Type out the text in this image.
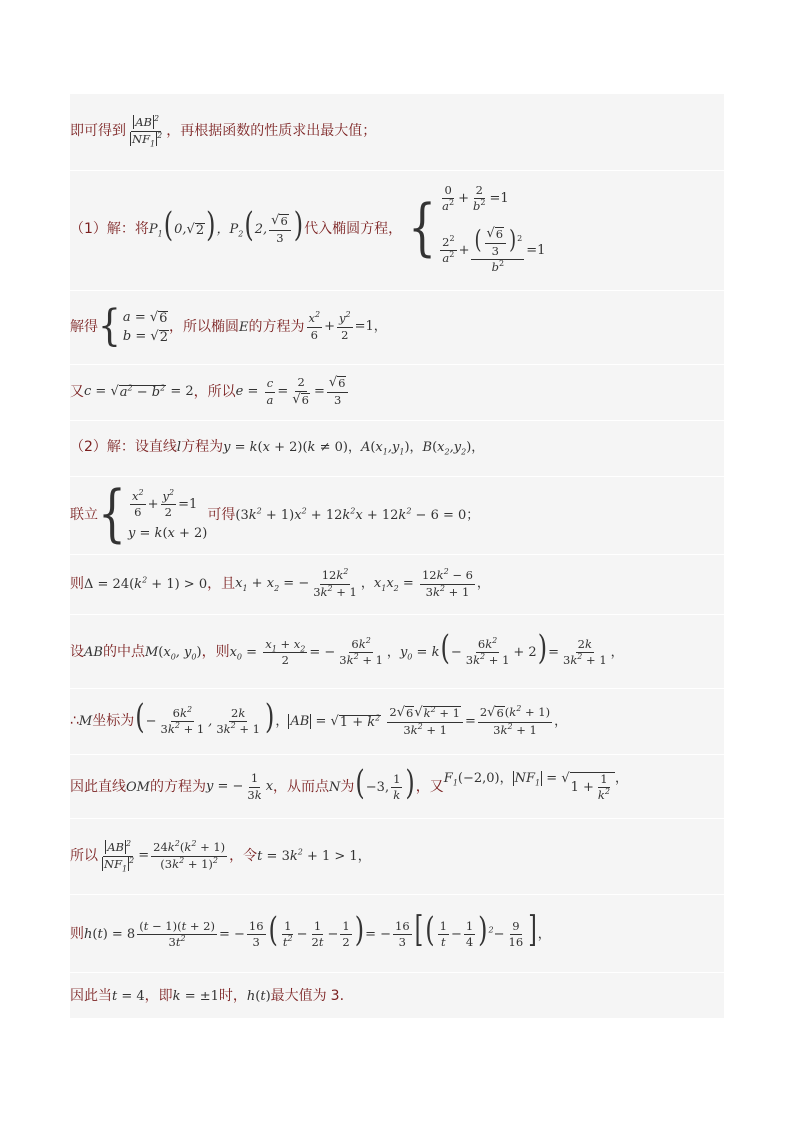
即可得到 $\frac{AB ^2}{NF_1^2}$ ，再根据函数的性质求出最大值；
（1）解：将 $P_1(0$, √ 2 )，$P_2(2$, $\frac{√ 6}{3}$ ) 代入椭圆方程， { $\frac{0}{a^2} + \frac{2}{b^2} =1$
$\frac{2^2}{a^2} + \frac{( \frac{√ 6}{3} )^2}{b^2} =1$
解得 { a = √ 6
b = √ 2
，所以椭圆 E 的方程为 $\frac{x^2}{6} + \frac{y^2}{2} =1$，
又 c = √ $a^2 - b^2 = 2$ ，所以 $e = \frac{c}{a} = \frac{2}{√ 6} = \frac{√ 6}{3}$
（2）解：设直线 l 方程为 y = k(x + 2)(k ≠ 0)，$A(x_1,y_1)$，$B(x_2,y_2)$，
联立 { $\frac{x^2}{6} + \frac{y^2}{2} =1$
y = k(x + 2)
可得 $(3k^2 + 1)x^2 + 12k^2x + 12k^2 - 6 = 0$；
则 $\Delta = 24(k^2 + 1) > 0$ ，且 $x_1 + x_2$ = − $\frac{12k^2}{3k^2 + 1}$ ，$x_1x_2 = \frac{12k^2 - 6}{3k^2 + 1}$ ，
设 AB 的中点 $M(x_0$, $y_0$) ，则 $x_0 = \frac{x_1 + x_2}{2}$ = − $\frac{6k^2}{3k^2 + 1}$ ，$y_0 = k(- \frac{6k^2}{3k^2 + 1} + 2)= \frac{2k}{3k^2 + 1}$ ，
∴ M 坐标为 (− $\frac{6k^2}{3k^2 + 1}$ , $\frac{2k}{3k^2 + 1}$ )， AB = √ $1 + k^2$
$\frac{2 √ 6 √ k^2 + 1}{3k^2 + 1} = \frac{2 √ 6 (k^2 + 1)}{3k^2 + 1}$ ，
因此直线 OM 的方程为 y = − $\frac{1}{3k}$ x ，从而点 N 为 (−3, $\frac{1}{k}$ ) ，又
$F_1(-2,0)$， $NF_1$ = √
$1 + \frac{1}{k^2}$ ，
所以 $\frac{AB ^2}{NF_1^2} = \frac{24k^2(k^2 + 1)}{(3k^2 + 1)^2}$ ，令 $t = 3k^2 + 1 > 1$，
则 $h(t) = 8 \frac{(t - 1)(t + 2)}{3t^2}$ = − $\frac{16}{3}$ ( $\frac{1}{t^2} - \frac{1}{2t} - \frac{1}{2}$ )= − $\frac{16}{3}$ [( $\frac{1}{t} - \frac{1}{4} )^2- \frac{9}{16}$ ]，
因此当 t = 4 ，即 k = ±1 时， h(t) 最大值为 3.
